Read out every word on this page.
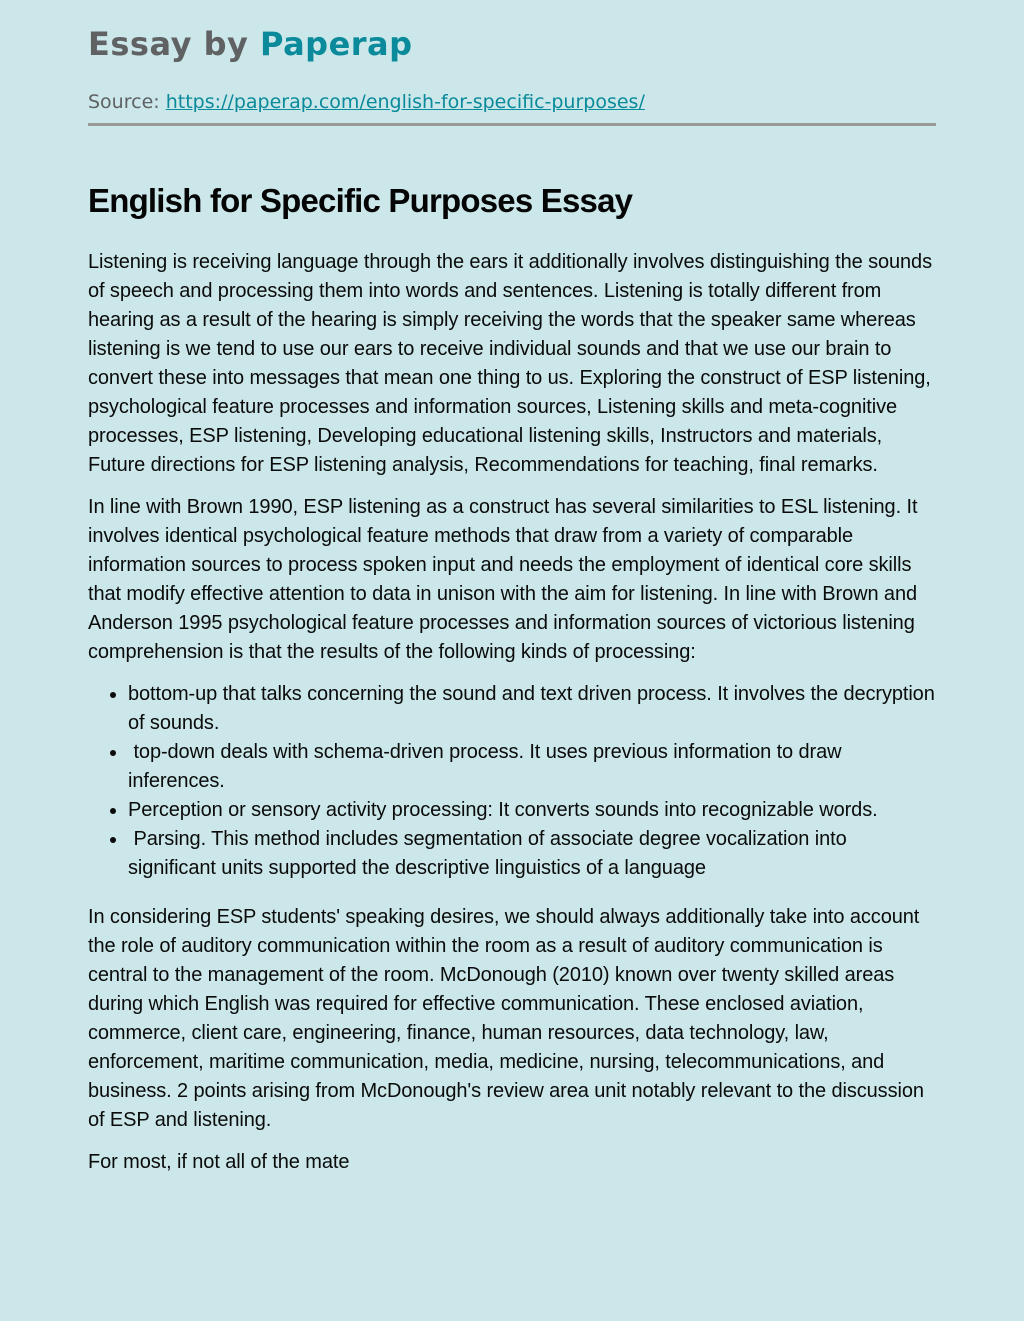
Essay by Paperap

Source: https://paperap.com/english-for-specific-purposes/

English for Specific Purposes Essay

Listening is receiving language through the ears it additionally involves distinguishing the sounds of speech and processing them into words and sentences. Listening is totally different from hearing as a result of the hearing is simply receiving the words that the speaker same whereas listening is we tend to use our ears to receive individual sounds and that we use our brain to convert these into messages that mean one thing to us. Exploring the construct of ESP listening, psychological feature processes and information sources, Listening skills and meta-cognitive processes, ESP listening, Developing educational listening skills, Instructors and materials, Future directions for ESP listening analysis, Recommendations for teaching, final remarks.

In line with Brown 1990, ESP listening as a construct has several similarities to ESL listening. It involves identical psychological feature methods that draw from a variety of comparable information sources to process spoken input and needs the employment of identical core skills that modify effective attention to data in unison with the aim for listening. In line with Brown and Anderson 1995 psychological feature processes and information sources of victorious listening comprehension is that the results of the following kinds of processing:

• bottom-up that talks concerning the sound and text driven process. It involves the decryption of sounds.
•  top-down deals with schema-driven process. It uses previous information to draw inferences.
• Perception or sensory activity processing: It converts sounds into recognizable words.
•  Parsing. This method includes segmentation of associate degree vocalization into significant units supported the descriptive linguistics of a language

In considering ESP students' speaking desires, we should always additionally take into account the role of auditory communication within the room as a result of auditory communication is central to the management of the room. McDonough (2010) known over twenty skilled areas during which English was required for effective communication. These enclosed aviation, commerce, client care, engineering, finance, human resources, data technology, law, enforcement, maritime communication, media, medicine, nursing, telecommunications, and business. 2 points arising from McDonough's review area unit notably relevant to the discussion of ESP and listening.

For most, if not all of the mate
